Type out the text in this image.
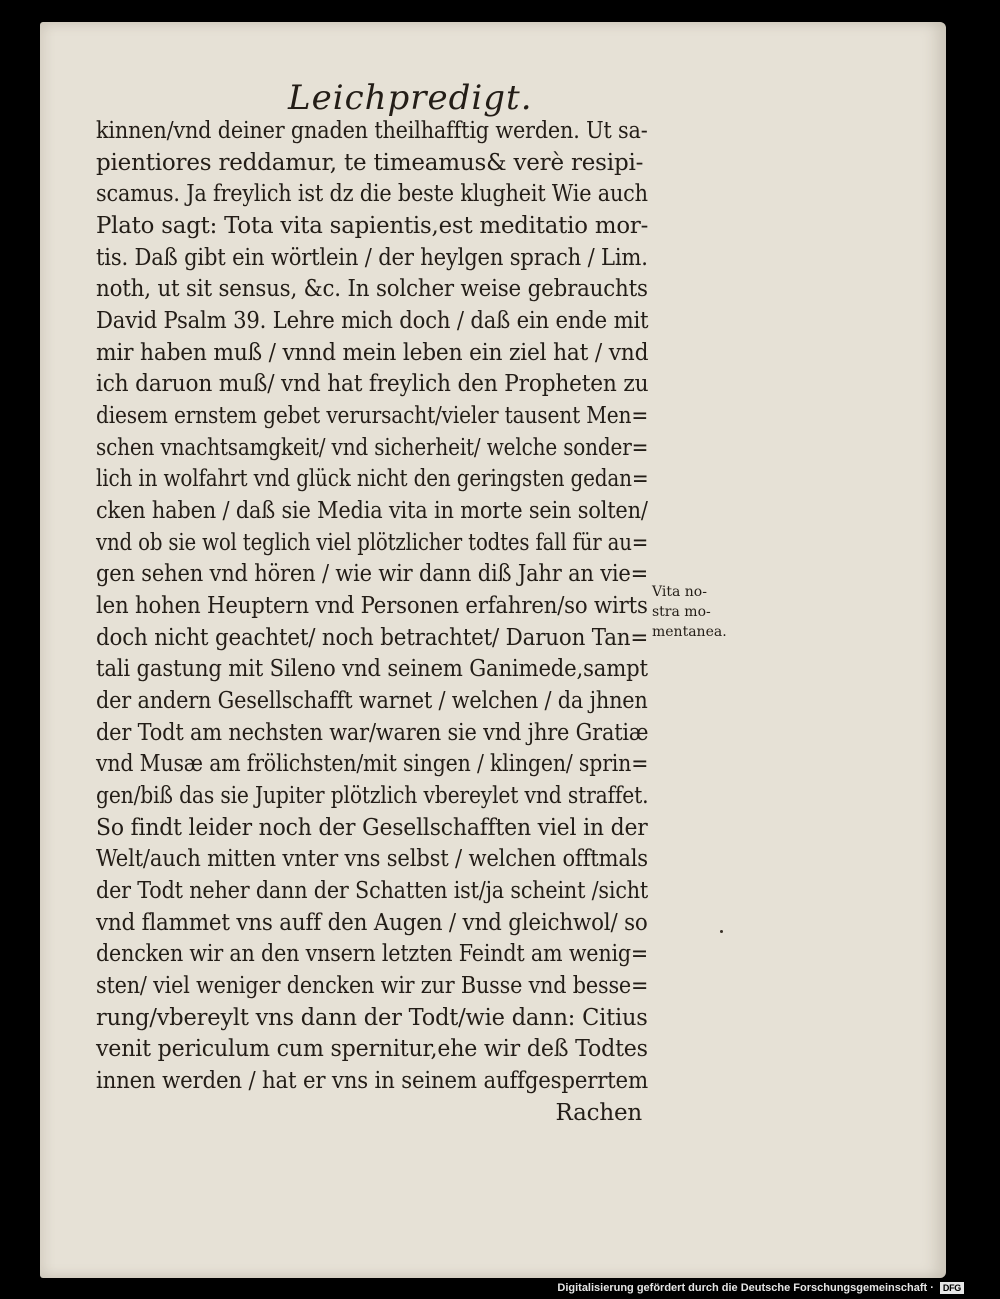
Leichpredigt.
kinnen/vnd deiner gnaden theilhafftig werden. Ut sa-
pientiores reddamur, te timeamus& verè resipi-
scamus. Ja freylich ist dz die beste klugheit Wie auch
Plato sagt: Tota vita sapientis,est meditatio mor-
tis. Daß gibt ein wörtlein / der heylgen sprach / Lim.
noth, ut sit sensus, &c. In solcher weise gebrauchts
David Psalm 39. Lehre mich doch / daß ein ende mit
mir haben muß / vnnd mein leben ein ziel hat / vnd
ich daruon muß/ vnd hat freylich den Propheten zu
diesem ernstem gebet verursacht/vieler tausent Men=
schen vnachtsamgkeit/ vnd sicherheit/ welche sonder=
lich in wolfahrt vnd glück nicht den geringsten gedan=
cken haben / daß sie Media vita in morte sein solten/
vnd ob sie wol teglich viel plötzlicher todtes fall für au=
gen sehen vnd hören / wie wir dann diß Jahr an vie=
len hohen Heuptern vnd Personen erfahren/so wirts
doch nicht geachtet/ noch betrachtet/ Daruon Tan=
tali gastung mit Sileno vnd seinem Ganimede,sampt
der andern Gesellschafft warnet / welchen / da jhnen
der Todt am nechsten war/waren sie vnd jhre Gratiæ
vnd Musæ am frölichsten/mit singen / klingen/ sprin=
gen/biß das sie Jupiter plötzlich vbereylet vnd straffet.
So findt leider noch der Gesellschafften viel in der
Welt/auch mitten vnter vns selbst / welchen offtmals
der Todt neher dann der Schatten ist/ja scheint /sicht
vnd flammet vns auff den Augen / vnd gleichwol/ so
dencken wir an den vnsern letzten Feindt am wenig=
sten/ viel weniger dencken wir zur Busse vnd besse=
rung/vbereylt vns dann der Todt/wie dann: Citius
venit periculum cum spernitur,ehe wir deß Todtes
innen werden / hat er vns in seinem auffgesperrtem
Rachen
Vita no-
stra mo-
mentanea.
Digitalisierung gefördert durch die Deutsche Forschungsgemeinschaft ·	DFG
